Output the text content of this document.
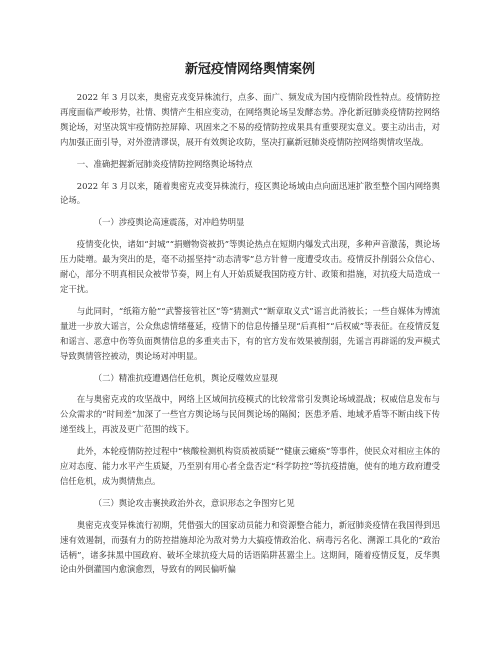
新冠疫情网络舆情案例

2022 年 3 月以来，奥密克戎变异株流行，点多、面广、频发成为国内疫情阶段性特点。疫情防控再度面临严峻形势，社情、舆情产生相应变动，在网络舆论场呈发酵态势。净化新冠肺炎疫情防控网络舆论场，对坚决筑牢疫情防控屏障、巩固来之不易的疫情防控成果具有重要现实意义。要主动出击，对内加强正面引导，对外澄清谬误，展开有效舆论攻防，坚决打赢新冠肺炎疫情防控网络舆情攻坚战。

一、准确把握新冠肺炎疫情防控网络舆论场特点

2022 年 3 月以来，随着奥密克戎变异株流行，疫区舆论场域由点向面迅速扩散至整个国内网络舆论场。

（一）涉疫舆论高速震荡，对冲趋势明显

疫情变化快，诸如“封城”“捐赠物资被扔”等舆论热点在短期内爆发式出现，多种声音激荡，舆论场压力陡增。最为突出的是，毫不动摇坚持“动态清零”总方针曾一度遭受攻击。疫情反扑削弱公众信心、耐心，部分不明真相民众被带节奏，网上有人开始质疑我国防疫方针、政策和措施，对抗疫大局造成一定干扰。

与此同时，“纸箱方舱”“武警接管社区”等“猜测式”“断章取义式”谣言此消彼长；一些自媒体为博流量进一步放大谣言，公众焦虑情绪蔓延，疫情下的信息传播呈现“后真相”“后权威”等表征。在疫情反复和谣言、恶意中伤等负面舆情信息的多重夹击下，有的官方发布效果被削弱，先谣言再辟谣的发声模式导致舆情管控被动，舆论场对冲明显。

（二）精准抗疫遭遇信任危机，舆论反噬效应显现

在与奥密克戎的攻坚战中，网络上区域间抗疫模式的比较常常引发舆论场域混战；权威信息发布与公众需求的“时间差”加深了一些官方舆论场与民间舆论场的隔阂；医患矛盾、地域矛盾等不断由线下传递至线上，再波及更广范围的线下。

此外，本轮疫情防控过程中“核酸检测机构资质被质疑”“健康云瘫痪”等事件，使民众对相应主体的应对态度、能力水平产生质疑，乃至别有用心者全盘否定“科学防控”等抗疫措施，使有的地方政府遭受信任危机，成为舆情焦点。

（三）舆论攻击裹挟政治外衣，意识形态之争图穷匕见

奥密克戎变异株流行初期，凭借强大的国家动员能力和资源整合能力，新冠肺炎疫情在我国得到迅速有效遏制，而强有力的防控措施却沦为敌对势力大搞疫情政治化、病毒污名化、溯源工具化的“政治话柄”，诸多抹黑中国政府、破坏全球抗疫大局的话语陷阱甚嚣尘上。这期间，随着疫情反复，反华舆论由外倒灌国内愈演愈烈，导致有的网民偏听偏
